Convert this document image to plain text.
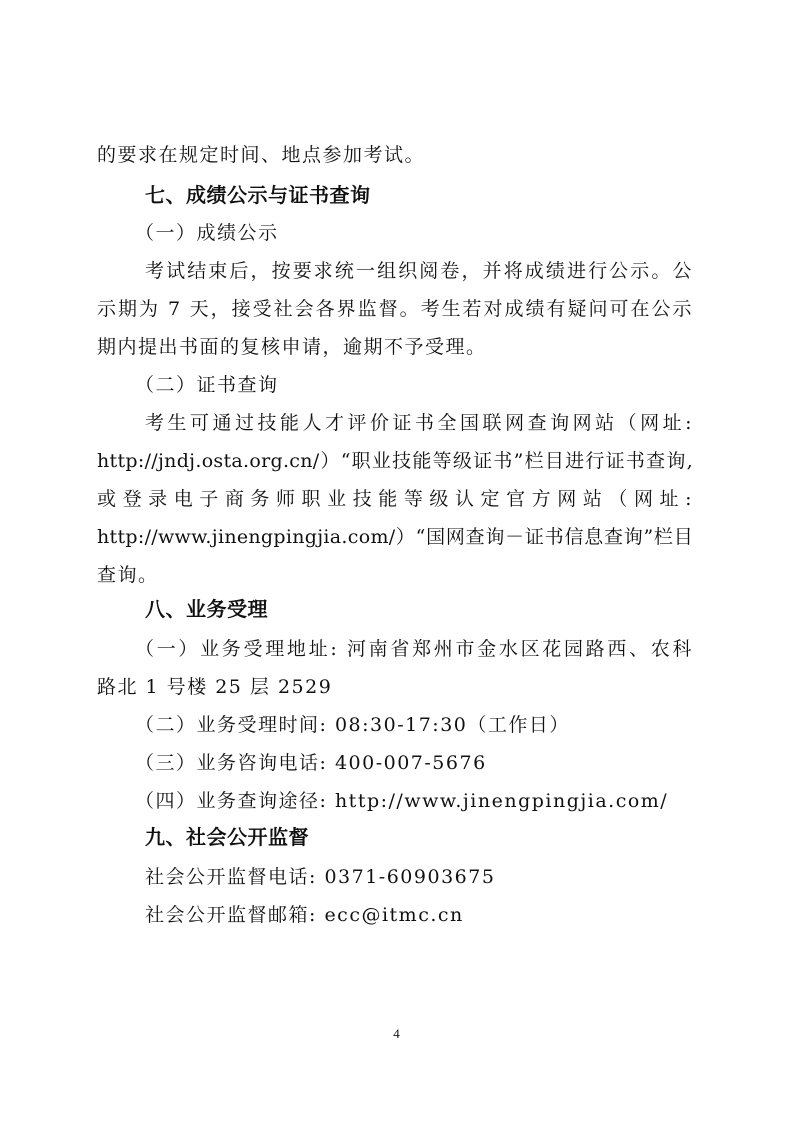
的要求在规定时间、地点参加考试。
七、成绩公示与证书查询
（一）成绩公示
考试结束后，按要求统一组织阅卷，并将成绩进行公示。公
示期为 7 天，接受社会各界监督。考生若对成绩有疑问可在公示
期内提出书面的复核申请，逾期不予受理。
（二）证书查询
考生可通过技能人才评价证书全国联网查询网站（网址:
http://jndj.osta.org.cn/）“职业技能等级证书”栏目进行证书查询,
或登录电子商务师职业技能等级认定官方网站（网址:
http://www.jinengpingjia.com/）“国网查询－证书信息查询”栏目
查询。
八、业务受理
（一）业务受理地址: 河南省郑州市金水区花园路西、农科
路北 1 号楼 25 层 2529
（二）业务受理时间: 08:30-17:30（工作日）
（三）业务咨询电话: 400-007-5676
（四）业务查询途径: http://www.jinengpingjia.com/
九、社会公开监督
社会公开监督电话: 0371-60903675
社会公开监督邮箱: ecc@itmc.cn
4
